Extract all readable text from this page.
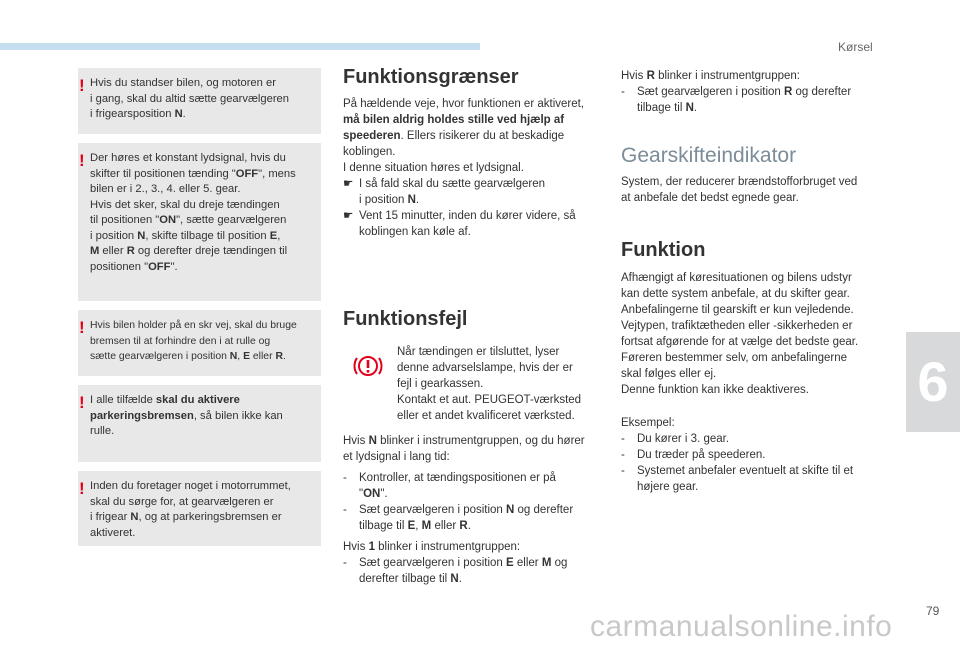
Kørsel
6
79
carmanualsonline.info
! Hvis du standser bilen, og motoren er
i gang, skal du altid sætte gearvælgeren
i frigearsposition N.

! Der høres et konstant lydsignal, hvis du
skifter til positionen tænding "OFF", mens
bilen er i 2., 3., 4. eller 5. gear.
Hvis det sker, skal du dreje tændingen
til positionen "ON", sætte gearvælgeren
i position N, skifte tilbage til position E,
M eller R og derefter dreje tændingen til
positionen "OFF".

! Hvis bilen holder på en skr vej, skal du bruge
bremsen til at forhindre den i at rulle og
sætte gearvælgeren i position N, E eller R.

! I alle tilfælde skal du aktivere
parkeringsbremsen, så bilen ikke kan
rulle.

! Inden du foretager noget i motorrummet,
skal du sørge for, at gearvælgeren er
i frigear N, og at parkeringsbremsen er
aktiveret.

Funktionsgrænser

På hældende veje, hvor funktionen er aktiveret,
må bilen aldrig holdes stille ved hjælp af
speederen. Ellers risikerer du at beskadige
koblingen.
I denne situation høres et lydsignal.

☛ I så fald skal du sætte gearvælgeren
i position N.
☛ Vent 15 minutter, inden du kører videre, så
koblingen kan køle af.
Funktionsfejl

Når tændingen er tilsluttet, lyser
denne advarselslampe, hvis der er
fejl i gearkassen.
Kontakt et aut. PEUGEOT-værksted
eller et andet kvalificeret værksted.

Hvis N blinker i instrumentgruppen, og du hører
et lydsignal i lang tid:

- Kontroller, at tændingspositionen er på
"ON".
- Sæt gearvælgeren i position N og derefter
tilbage til E, M eller R.

Hvis 1 blinker i instrumentgruppen:

- Sæt gearvælgeren i position E eller M og
derefter tilbage til N.

Hvis R blinker i instrumentgruppen:

- Sæt gearvælgeren i position R og derefter
tilbage til N.
Gearskifteindikator

System, der reducerer brændstofforbruget ved
at anbefale det bedst egnede gear.

Funktion

Afhængigt af køresituationen og bilens udstyr
kan dette system anbefale, at du skifter gear.
Anbefalingerne til gearskift er kun vejledende.
Vejtypen, trafiktætheden eller -sikkerheden er
fortsat afgørende for at vælge det bedste gear.
Føreren bestemmer selv, om anbefalingerne
skal følges eller ej.
Denne funktion kan ikke deaktiveres.

Eksempel:

- Du kører i 3. gear.
- Du træder på speederen.
- Systemet anbefaler eventuelt at skifte til et
højere gear.
